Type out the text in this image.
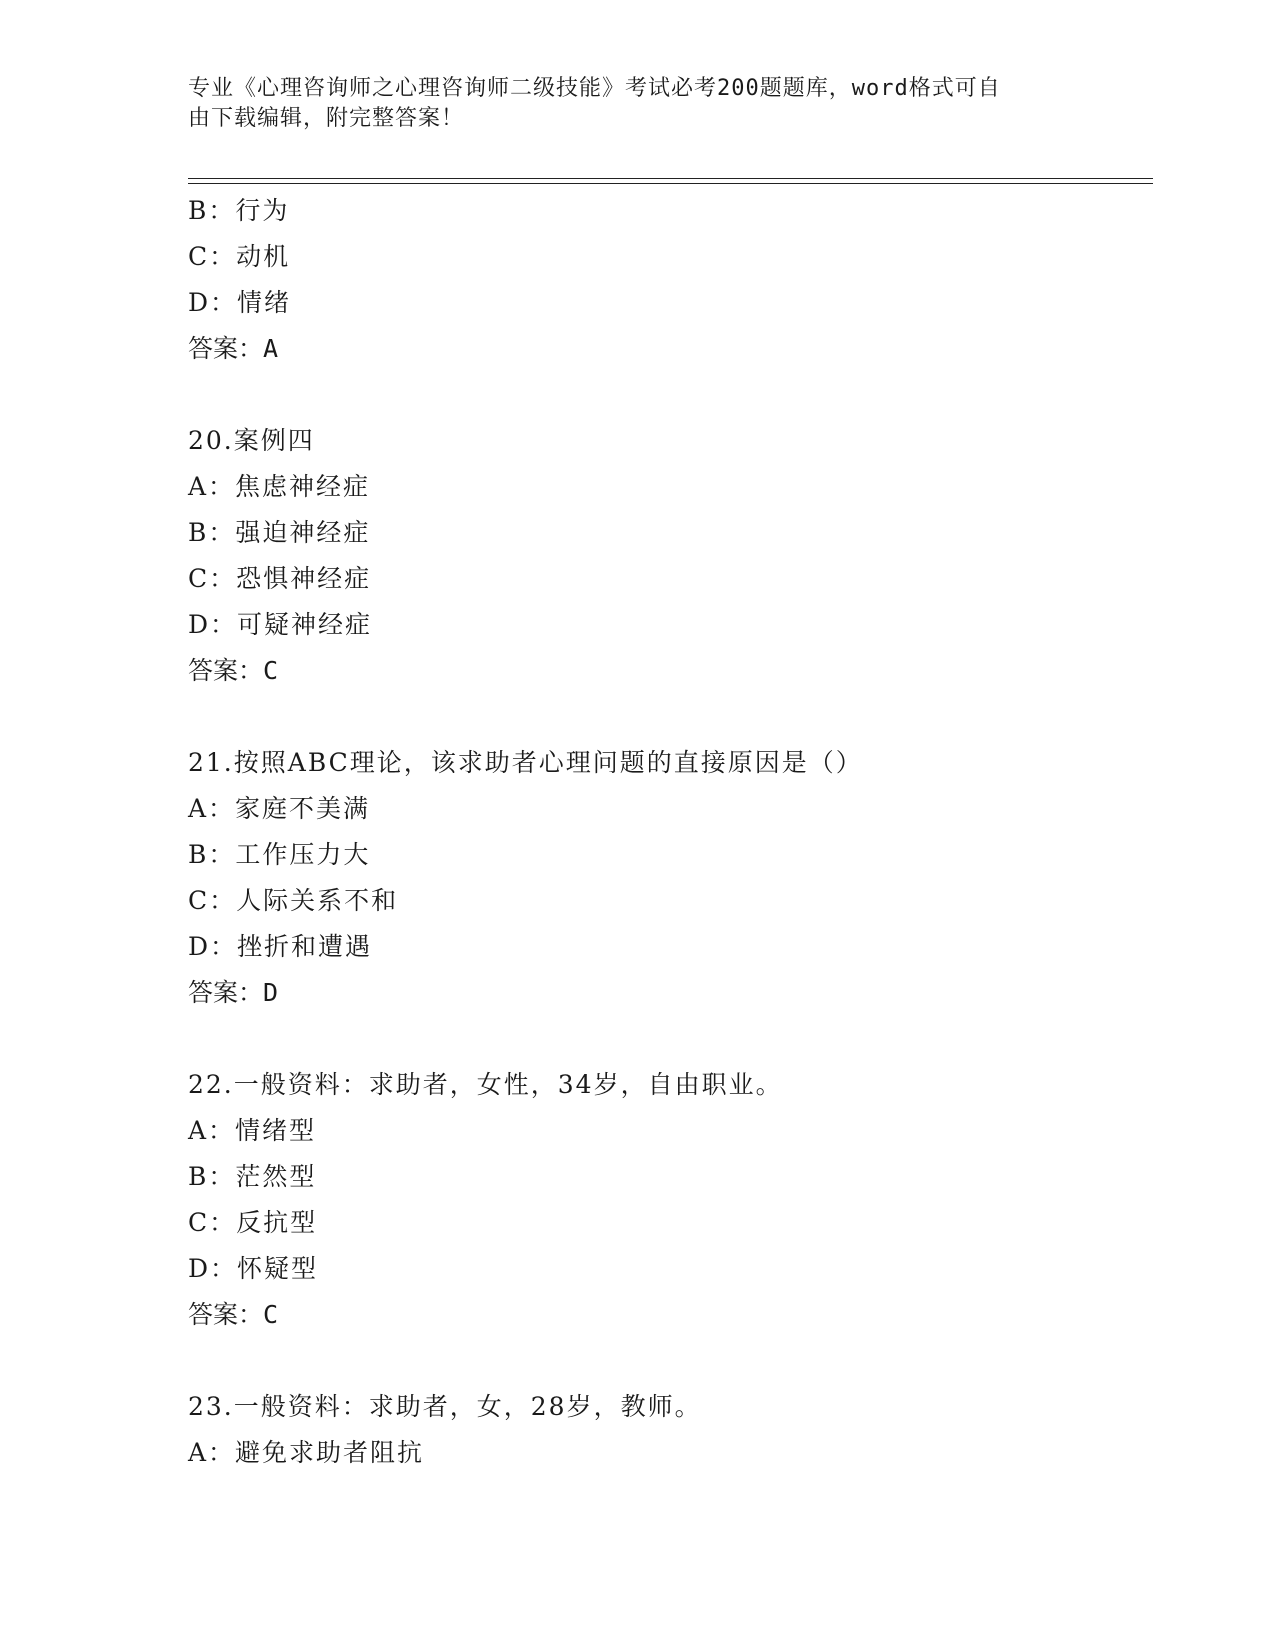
专业《心理咨询师之心理咨询师二级技能》考试必考200题题库，word格式可自
由下载编辑，附完整答案！
B：行为
C：动机
D：情绪
答案：A
20.案例四
A：焦虑神经症
B：强迫神经症
C：恐惧神经症
D：可疑神经症
答案：C
21.按照ABC理论，该求助者心理问题的直接原因是（）
A：家庭不美满
B：工作压力大
C：人际关系不和
D：挫折和遭遇
答案：D
22.一般资料：求助者，女性，34岁，自由职业。
A：情绪型
B：茫然型
C：反抗型
D：怀疑型
答案：C
23.一般资料：求助者，女，28岁，教师。
A：避免求助者阻抗
